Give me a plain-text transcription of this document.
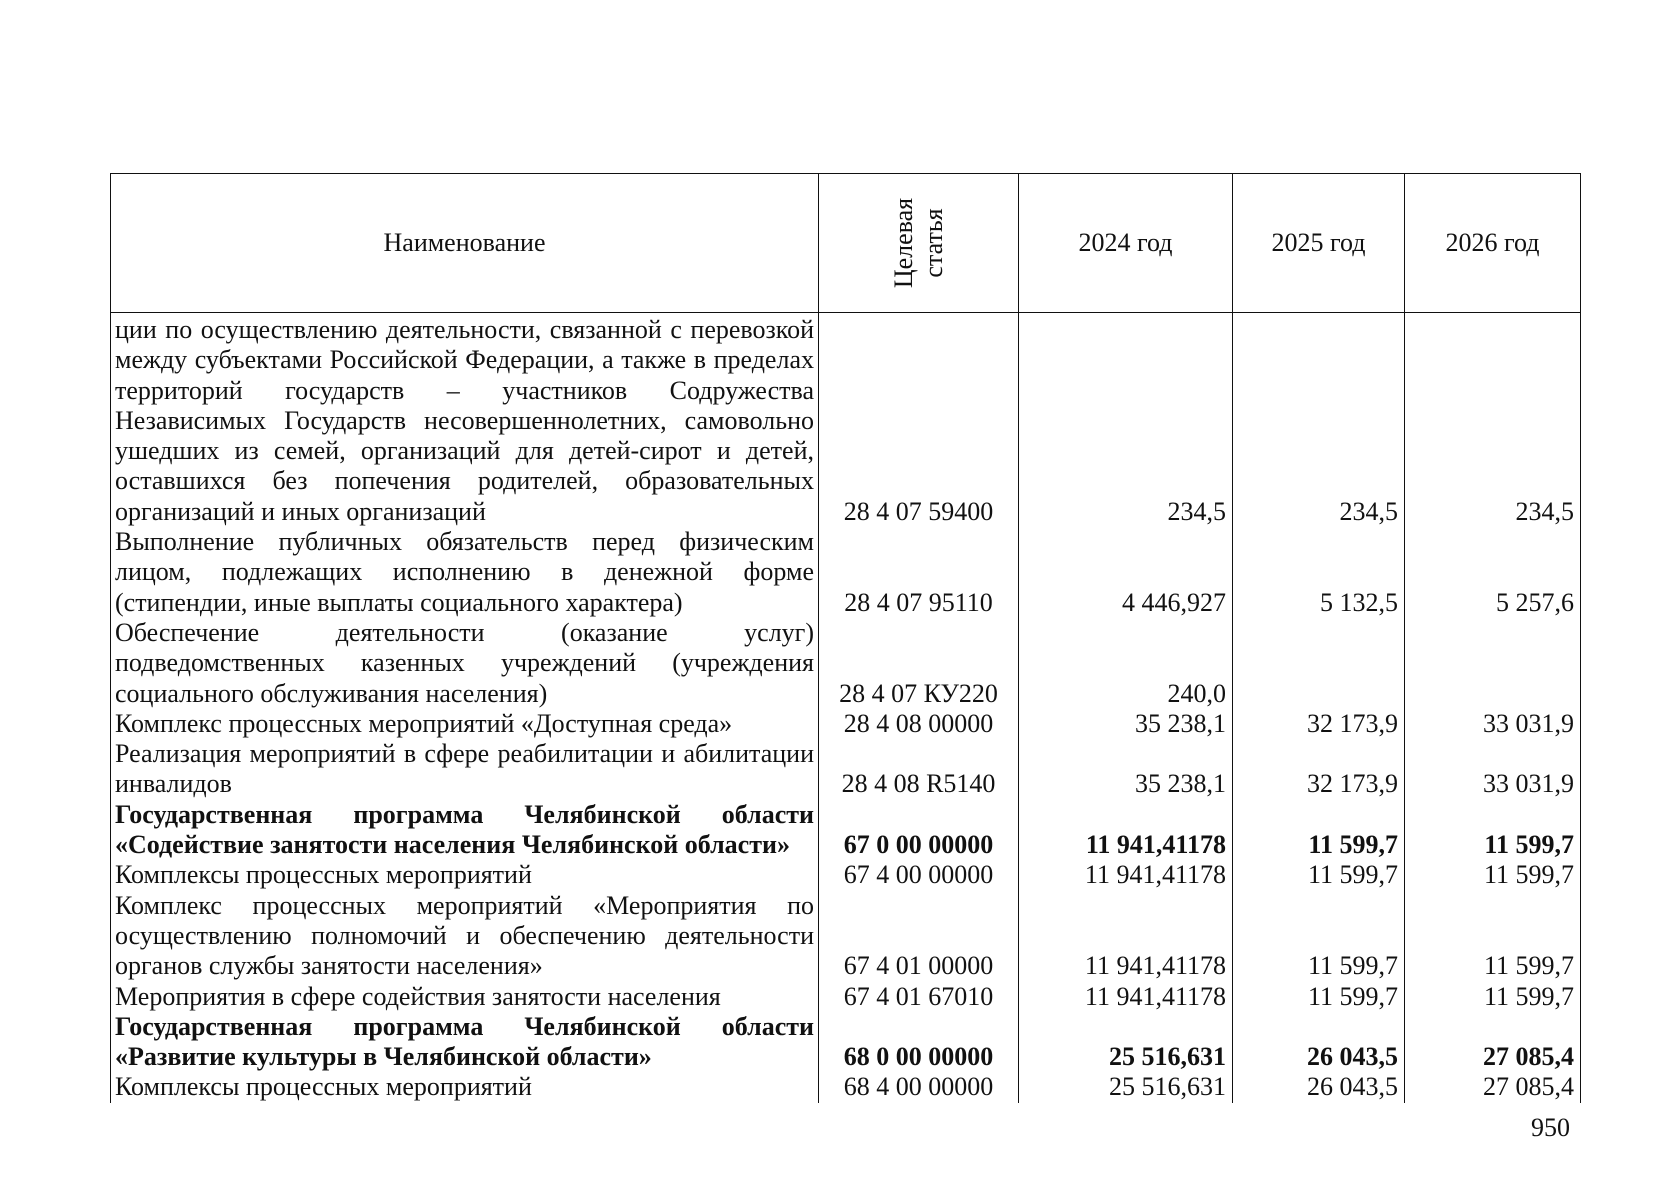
Наименование	Целевая статья	2024 год	2025 год	2026 год
ции по осуществлению деятельности, связанной с перевозкой между субъектами Российской Федерации, а также в пределах территорий государств – участников Содружества Независимых Государств несовершеннолетних, самовольно ушедших из семей, организаций для детей-сирот и детей, оставшихся без попечения родителей, образовательных организаций и иных организаций	28 4 07 59400	234,5	234,5	234,5
Выполнение публичных обязательств перед физическим лицом, подлежащих исполнению в денежной форме (стипендии, иные выплаты социального характера)	28 4 07 95110	4 446,927	5 132,5	5 257,6
Обеспечение деятельности (оказание услуг) подведомственных казенных учреждений (учреждения социального обслуживания населения)	28 4 07 КУ220	240,0		
Комплекс процессных мероприятий «Доступная среда»	28 4 08 00000	35 238,1	32 173,9	33 031,9
Реализация мероприятий в сфере реабилитации и абилитации инвалидов	28 4 08 R5140	35 238,1	32 173,9	33 031,9
Государственная программа Челябинской области «Содействие занятости населения Челябинской области»	67 0 00 00000	11 941,41178	11 599,7	11 599,7
Комплексы процессных мероприятий	67 4 00 00000	11 941,41178	11 599,7	11 599,7
Комплекс процессных мероприятий «Мероприятия по осуществлению полномочий и обеспечению деятельности органов службы занятости населения»	67 4 01 00000	11 941,41178	11 599,7	11 599,7
Мероприятия в сфере содействия занятости населения	67 4 01 67010	11 941,41178	11 599,7	11 599,7
Государственная программа Челябинской области «Развитие культуры в Челябинской области»	68 0 00 00000	25 516,631	26 043,5	27 085,4
Комплексы процессных мероприятий	68 4 00 00000	25 516,631	26 043,5	27 085,4
950
